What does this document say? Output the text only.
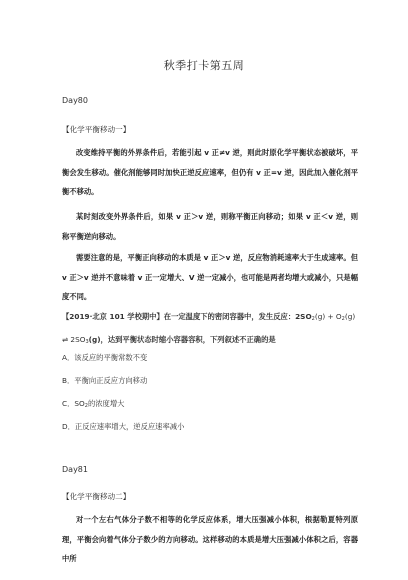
秋季打卡第五周
Day80
【化学平衡移动一】
改变维持平衡的外界条件后，若能引起 v 正≠v 逆，则此时原化学平衡状态被破坏，平衡会发生移动。催化剂能够同时加快正逆反应速率，但仍有 v 正=v 逆，因此加入催化剂平衡不移动。
某时刻改变外界条件后，如果 v 正＞v 逆，则称平衡正向移动；如果 v 正＜v 逆，则称平衡逆向移动。
需要注意的是，平衡正向移动的本质是 v 正＞v 逆，反应物消耗速率大于生成速率。但 v 正＞v 逆并不意味着 v 正一定增大、V 逆一定减小，也可能是两者均增大或减小，只是幅度不同。
【2019·北京 101 学校期中】在一定温度下的密闭容器中，发生反应：$2SO_2(g) + O_2(g)$ ⇌ $2SO_3(g)$，达到平衡状态时缩小容器容积，下列叙述不正确的是
A．该反应的平衡常数不变
B．平衡向正反应方向移动
C．$SO_2$的浓度增大
D．正反应速率增大，逆反应速率减小
Day81
【化学平衡移动二】
对一个左右气体分子数不相等的化学反应体系，增大压强减小体积，根据勒夏特列原理，平衡会向着气体分子数少的方向移动。这样移动的本质是增大压强减小体积之后，容器中所
